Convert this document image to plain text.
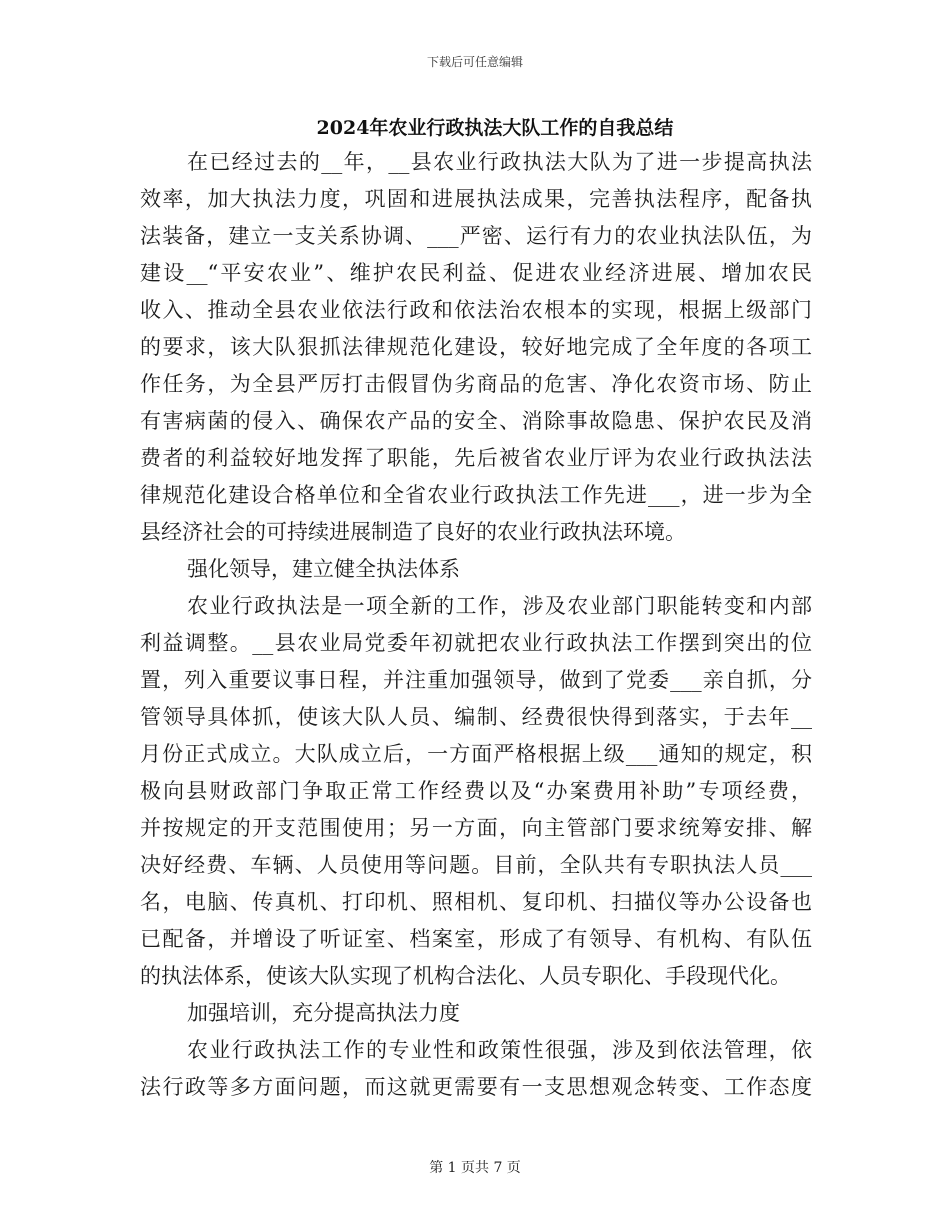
下载后可任意编辑
2024年农业行政执法大队工作的自我总结

在已经过去的__年，__县农业行政执法大队为了进一步提高执法
效率，加大执法力度，巩固和进展执法成果，完善执法程序，配备执
法装备，建立一支关系协调、___严密、运行有力的农业执法队伍，为
建设__“平安农业”、维护农民利益、促进农业经济进展、增加农民
收入、推动全县农业依法行政和依法治农根本的实现，根据上级部门
的要求，该大队狠抓法律规范化建设，较好地完成了全年度的各项工
作任务，为全县严厉打击假冒伪劣商品的危害、净化农资市场、防止
有害病菌的侵入、确保农产品的安全、消除事故隐患、保护农民及消
费者的利益较好地发挥了职能，先后被省农业厅评为农业行政执法法
律规范化建设合格单位和全省农业行政执法工作先进___，进一步为全
县经济社会的可持续进展制造了良好的农业行政执法环境。

强化领导，建立健全执法体系

农业行政执法是一项全新的工作，涉及农业部门职能转变和内部
利益调整。__县农业局党委年初就把农业行政执法工作摆到突出的位
置，列入重要议事日程，并注重加强领导，做到了党委___亲自抓，分
管领导具体抓，使该大队人员、编制、经费很快得到落实，于去年__
月份正式成立。大队成立后，一方面严格根据上级___通知的规定，积
极向县财政部门争取正常工作经费以及“办案费用补助”专项经费，
并按规定的开支范围使用；另一方面，向主管部门要求统筹安排、解
决好经费、车辆、人员使用等问题。目前，全队共有专职执法人员___
名，电脑、传真机、打印机、照相机、复印机、扫描仪等办公设备也
已配备，并增设了听证室、档案室，形成了有领导、有机构、有队伍
的执法体系，使该大队实现了机构合法化、人员专职化、手段现代化。

加强培训，充分提高执法力度

农业行政执法工作的专业性和政策性很强，涉及到依法管理，依
法行政等多方面问题，而这就更需要有一支思想观念转变、工作态度

第 1 页共 7 页
